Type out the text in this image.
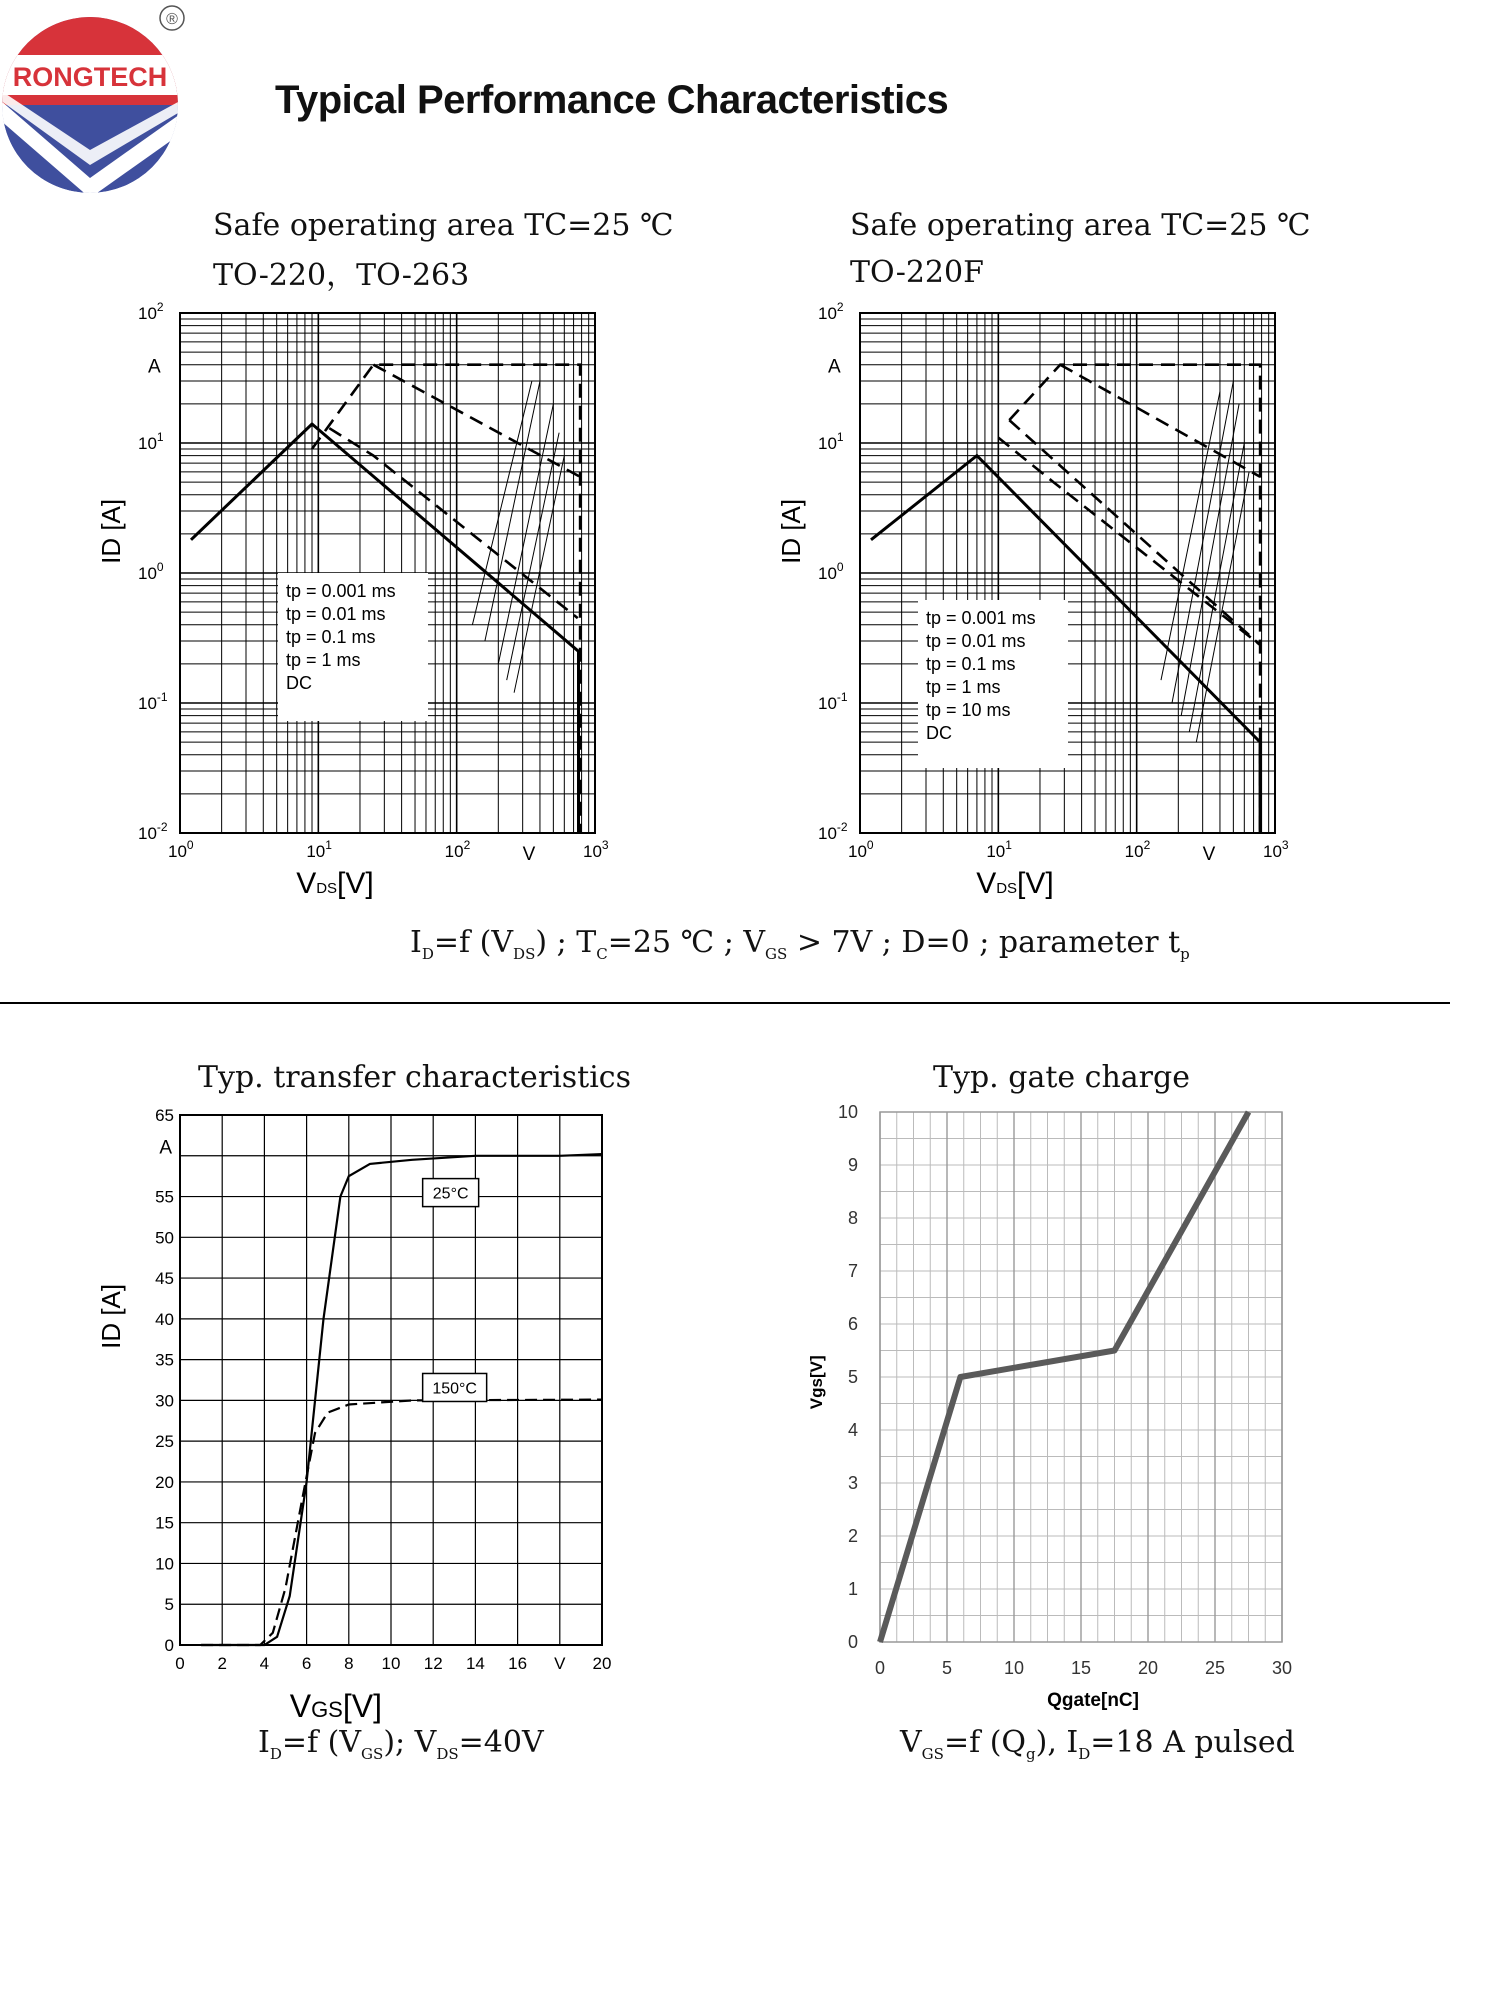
RONGTECH
®
Typical Performance Characteristics
Safe operating area TC=25 ℃
TO-220，TO-263
Safe operating area TC=25 ℃
TO-220F
tp = 0.001 ms
tp = 0.01 ms
tp = 0.1 ms
tp = 1 ms
DC
$10^2$
$10^1$
$10^0$
$10^{-1}$
$10^{-2}$
$10^0$	$10^1$	$10^2$	$10^3$
A
V
VDS[V]
ID [A]
tp = 0.001 ms
tp = 0.01 ms
tp = 0.1 ms
tp = 1 ms
tp = 10 ms
DC
$10^2$
$10^1$
$10^0$
$10^{-1}$
$10^{-2}$
$10^0$	$10^1$	$10^2$	$10^3$
A
V
VDS[V]
ID [A]
$I_D=f$ $(V_{DS})$ ; $T_C=25$ ℃ ; $V_{GS} > 7V$ ; D=0 ; parameter $t_p$
Typ. transfer characteristics
25°C
150°C
65
55
50
45
40
35
30
25
20
15
10
5
0
A
0 2 4 6 8 10 12 14 16 V 20
VGS[V]
ID [A]
$I_D=f$ $(V_{GS})$; $V_{DS}=40V$
Typ. gate charge
0
1
2
3
4
5
6
7
8
9
10
0	5	10	15	20	25	30
Qgate[nC]
Vgs[V]
$V_{GS}=f$ $(Q_g)$, $I_D=18$ A pulsed
